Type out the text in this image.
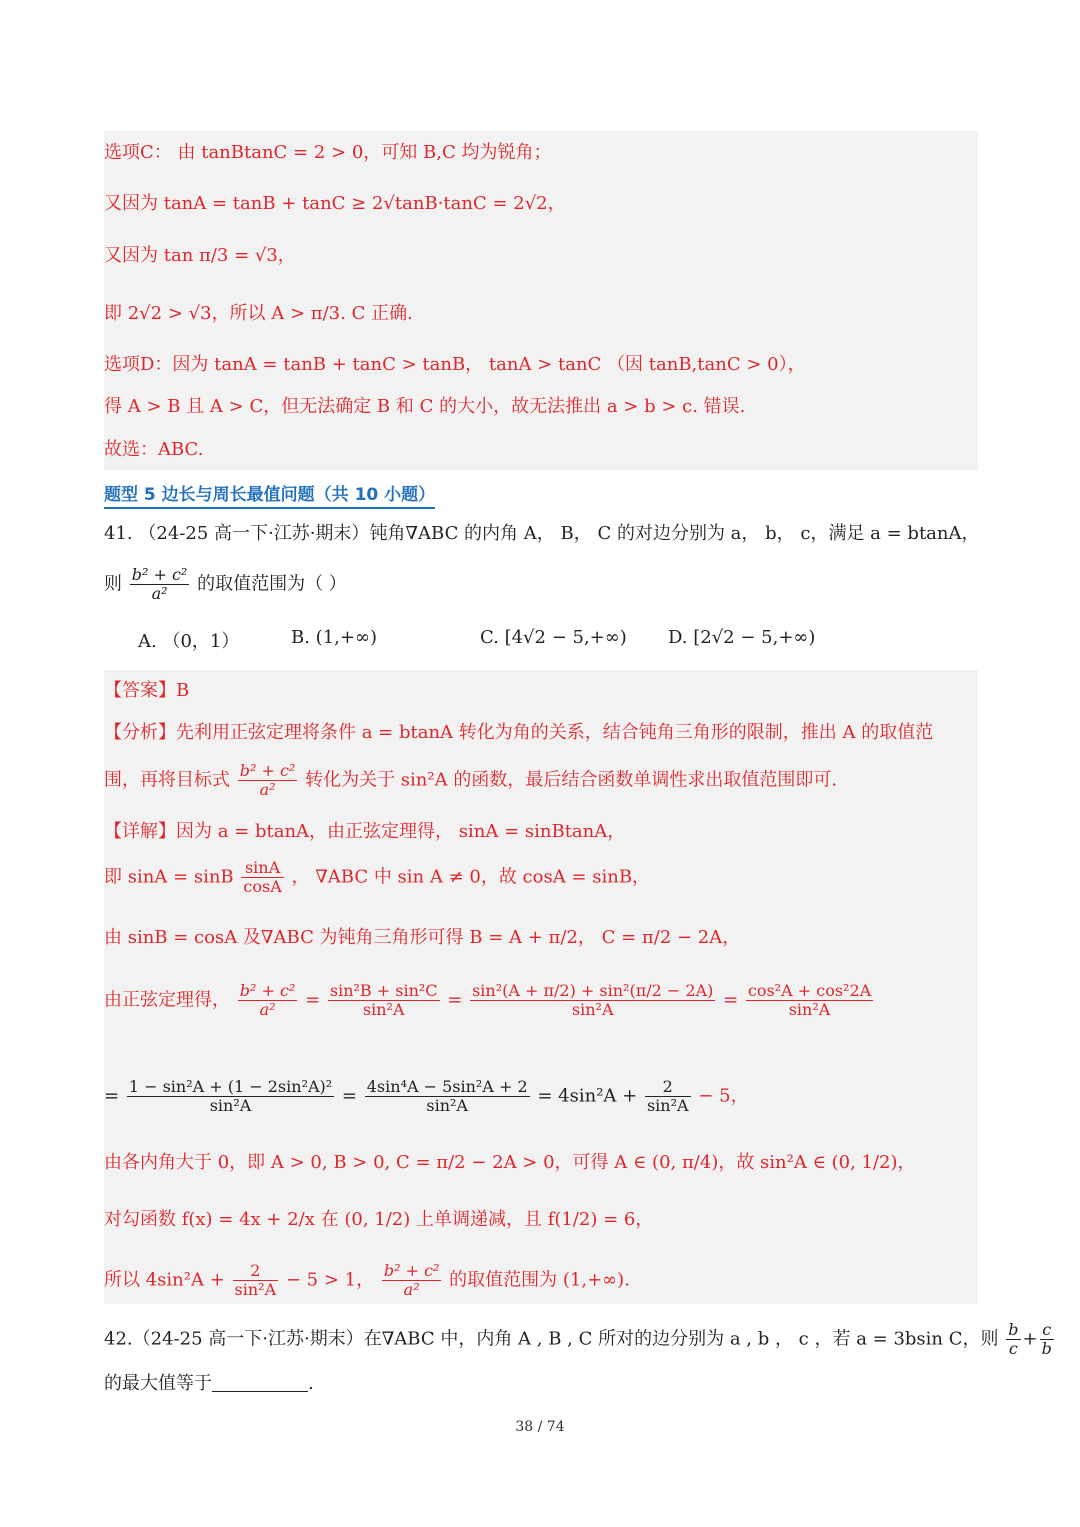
选项C： 由 tanBtanC = 2 > 0，可知 B,C 均为锐角；
又因为 tanA = tanB + tanC ≥ 2√tanB·tanC = 2√2，
又因为 tan π/3 = √3，
即 2√2 > √3，所以 A > π/3. C 正确.
选项D：因为 tanA = tanB + tanC > tanB， tanA > tanC （因 tanB,tanC > 0），
得 A > B 且 A > C，但无法确定 B 和 C 的大小，故无法推出 a > b > c. 错误.
故选：ABC.
题型 5 边长与周长最值问题（共 10 小题）
41. （24-25 高一下·江苏·期末）钝角∇ABC 的内角 A， B， C 的对边分别为 a， b， c，满足 a = btanA，
则 $\frac{\text{b² + c²}}{\text{a²}}$ 的取值范围为（ ）
A. （0，1）	B. (1,+∞)	C. [4√2 − 5,+∞) D. [2√2 − 5,+∞)
【答案】B
【分析】先利用正弦定理将条件 a = btanA 转化为角的关系，结合钝角三角形的限制，推出 A 的取值范
围，再将目标式 $\frac{\text{b² + c²}}{\text{a²}}$ 转化为关于 sin²A 的函数，最后结合函数单调性求出取值范围即可.
【详解】因为 a = btanA，由正弦定理得， sinA = sinBtanA，
即 sinA = sinB $\frac{\sin A}{\cos A}$ ， ∇ABC 中 sin A ≠ 0，故 cosA = sinB，
由 sinB = cosA 及∇ABC 为钝角三角形可得 B = A + π/2， C = π/2 − 2A，
由正弦定理得， $\frac{\text{b² + c²}}{\text{a²}} = \frac{\text{sin²B + sin²C}}{\text{sin²A}} = \frac{\text{sin²(A + π/2) + sin²(π/2 − 2A)}}{\text{sin²A}} = \frac{\text{cos²A + cos²2A}}{\text{sin²A}}$
= $\frac{\text{1 − sin²A + (1 − 2sin²A)²}}{\text{sin²A}} = \frac{\text{4sin⁴A − 5sin²A + 2}}{\text{sin²A}} = 4\sin^2A + \frac{2}{\text{sin²A}} - 5$，
由各内角大于 0，即 A > 0, B > 0, C = π/2 − 2A > 0，可得 A ∈ (0, π/4)，故 sin²A ∈ (0, 1/2)，
对勾函数 f(x) = 4x + 2/x 在 (0, 1/2) 上单调递减，且 f(1/2) = 6，
所以 $4\sin^2A + \frac{2}{\text{sin²A}} - 5 > 1$， $\frac{\text{b² + c²}}{\text{a²}}$ 的取值范围为 (1,+∞).
42.（24-25 高一下·江苏·期末）在∇ABC 中，内角 A , B , C 所对的边分别为 a , b ， c ，若 a = 3bsin C，则 $\frac{b}{c} + \frac{c}{b}$
的最大值等于	.
38 / 74
